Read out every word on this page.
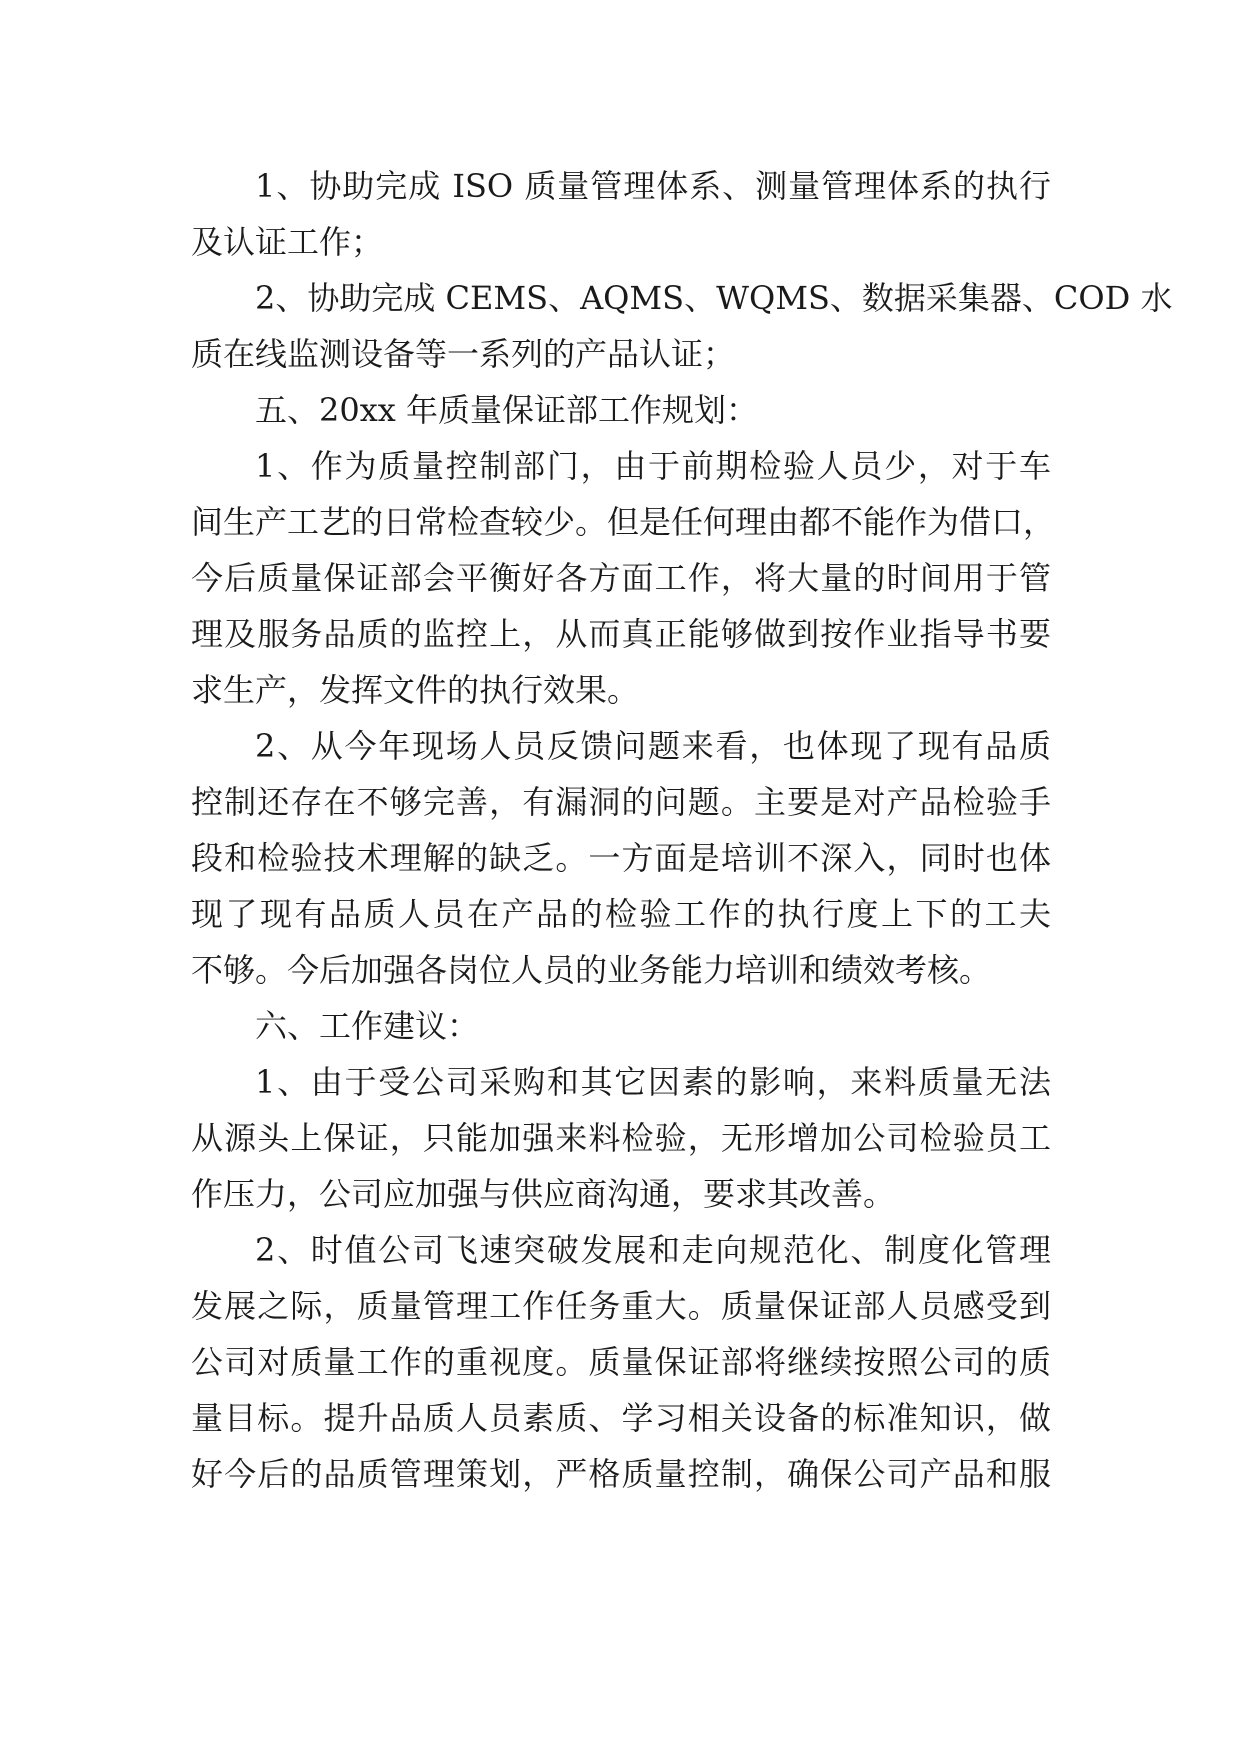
1、协助完成 ISO 质量管理体系、测量管理体系的执行
及认证工作；
2、协助完成 CEMS、AQMS、WQMS、数据采集器、COD 水
质在线监测设备等一系列的产品认证；
五、20xx 年质量保证部工作规划：
1、作为质量控制部门，由于前期检验人员少，对于车
间生产工艺的日常检查较少。但是任何理由都不能作为借口，
今后质量保证部会平衡好各方面工作，将大量的时间用于管
理及服务品质的监控上，从而真正能够做到按作业指导书要
求生产，发挥文件的执行效果。
2、从今年现场人员反馈问题来看，也体现了现有品质
控制还存在不够完善，有漏洞的问题。主要是对产品检验手
段和检验技术理解的缺乏。一方面是培训不深入，同时也体
现了现有品质人员在产品的检验工作的执行度上下的工夫
不够。今后加强各岗位人员的业务能力培训和绩效考核。
六、工作建议：
1、由于受公司采购和其它因素的影响，来料质量无法
从源头上保证，只能加强来料检验，无形增加公司检验员工
作压力，公司应加强与供应商沟通，要求其改善。
2、时值公司飞速突破发展和走向规范化、制度化管理
发展之际，质量管理工作任务重大。质量保证部人员感受到
公司对质量工作的重视度。质量保证部将继续按照公司的质
量目标。提升品质人员素质、学习相关设备的标准知识，做
好今后的品质管理策划，严格质量控制，确保公司产品和服
